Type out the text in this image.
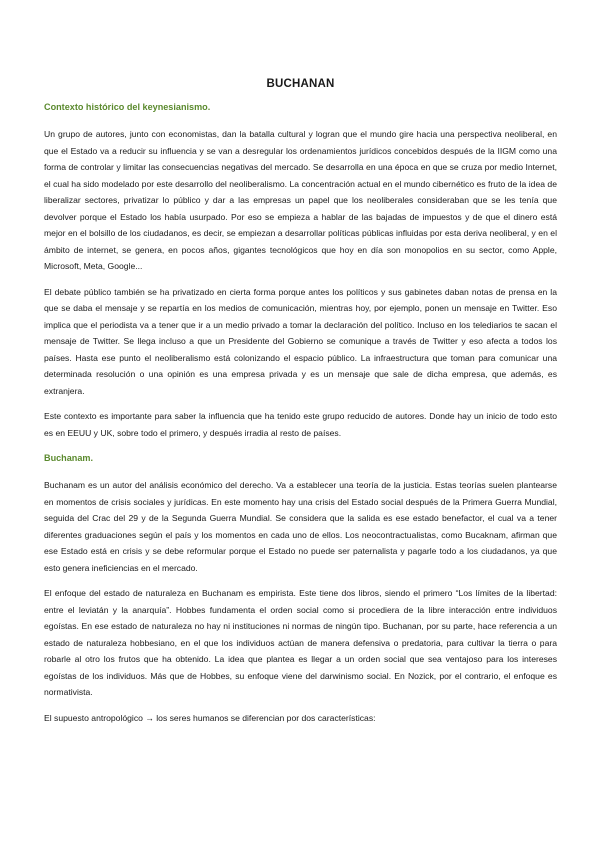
BUCHANAN
Contexto histórico del keynesianismo.

Un grupo de autores, junto con economistas, dan la batalla cultural y logran que el mundo gire hacia una perspectiva neoliberal, en que el Estado va a reducir su influencia y se van a desregular los ordenamientos jurídicos concebidos después de la IIGM como una forma de controlar y limitar las consecuencias negativas del mercado. Se desarrolla en una época en que se cruza por medio Internet, el cual ha sido modelado por este desarrollo del neoliberalismo. La concentración actual en el mundo cibernético es fruto de la idea de liberalizar sectores, privatizar lo público y dar a las empresas un papel que los neoliberales consideraban que se les tenía que devolver porque el Estado los había usurpado. Por eso se empieza a hablar de las bajadas de impuestos y de que el dinero está mejor en el bolsillo de los ciudadanos, es decir, se empiezan a desarrollar políticas públicas influidas por esta deriva neoliberal, y en el ámbito de internet, se genera, en pocos años, gigantes tecnológicos que hoy en día son monopolios en su sector, como Apple, Microsoft, Meta, Google...

El debate público también se ha privatizado en cierta forma porque antes los políticos y sus gabinetes daban notas de prensa en la que se daba el mensaje y se repartía en los medios de comunicación, mientras hoy, por ejemplo, ponen un mensaje en Twitter. Eso implica que el periodista va a tener que ir a un medio privado a tomar la declaración del político. Incluso en los telediarios te sacan el mensaje de Twitter. Se llega incluso a que un Presidente del Gobierno se comunique a través de Twitter y eso afecta a todos los países. Hasta ese punto el neoliberalismo está colonizando el espacio público. La infraestructura que toman para comunicar una determinada resolución o una opinión es una empresa privada y es un mensaje que sale de dicha empresa, que además, es extranjera.

Este contexto es importante para saber la influencia que ha tenido este grupo reducido de autores. Donde hay un inicio de todo esto es en EEUU y UK, sobre todo el primero, y después irradia al resto de países.

Buchanam.

Buchanam es un autor del análisis económico del derecho. Va a establecer una teoría de la justicia. Estas teorías suelen plantearse en momentos de crisis sociales y jurídicas. En este momento hay una crisis del Estado social después de la Primera Guerra Mundial, seguida del Crac del 29 y de la Segunda Guerra Mundial. Se considera que la salida es ese estado benefactor, el cual va a tener diferentes graduaciones según el país y los momentos en cada uno de ellos. Los neocontractualistas, como Bucaknam, afirman que ese Estado está en crisis y se debe reformular porque el Estado no puede ser paternalista y pagarle todo a los ciudadanos, ya que esto genera ineficiencias en el mercado.

El enfoque del estado de naturaleza en Buchanam es empirista. Este tiene dos libros, siendo el primero “Los límites de la libertad: entre el leviatán y la anarquía”. Hobbes fundamenta el orden social como si procediera de la libre interacción entre individuos egoístas. En ese estado de naturaleza no hay ni instituciones ni normas de ningún tipo. Buchanan, por su parte, hace referencia a un estado de naturaleza hobbesiano, en el que los individuos actúan de manera defensiva o predatoria, para cultivar la tierra o para robarle al otro los frutos que ha obtenido. La idea que plantea es llegar a un orden social que sea ventajoso para los intereses egoístas de los individuos. Más que de Hobbes, su enfoque viene del darwinismo social. En Nozick, por el contrario, el enfoque es normativista.

El supuesto antropológico → los seres humanos se diferencian por dos características:
